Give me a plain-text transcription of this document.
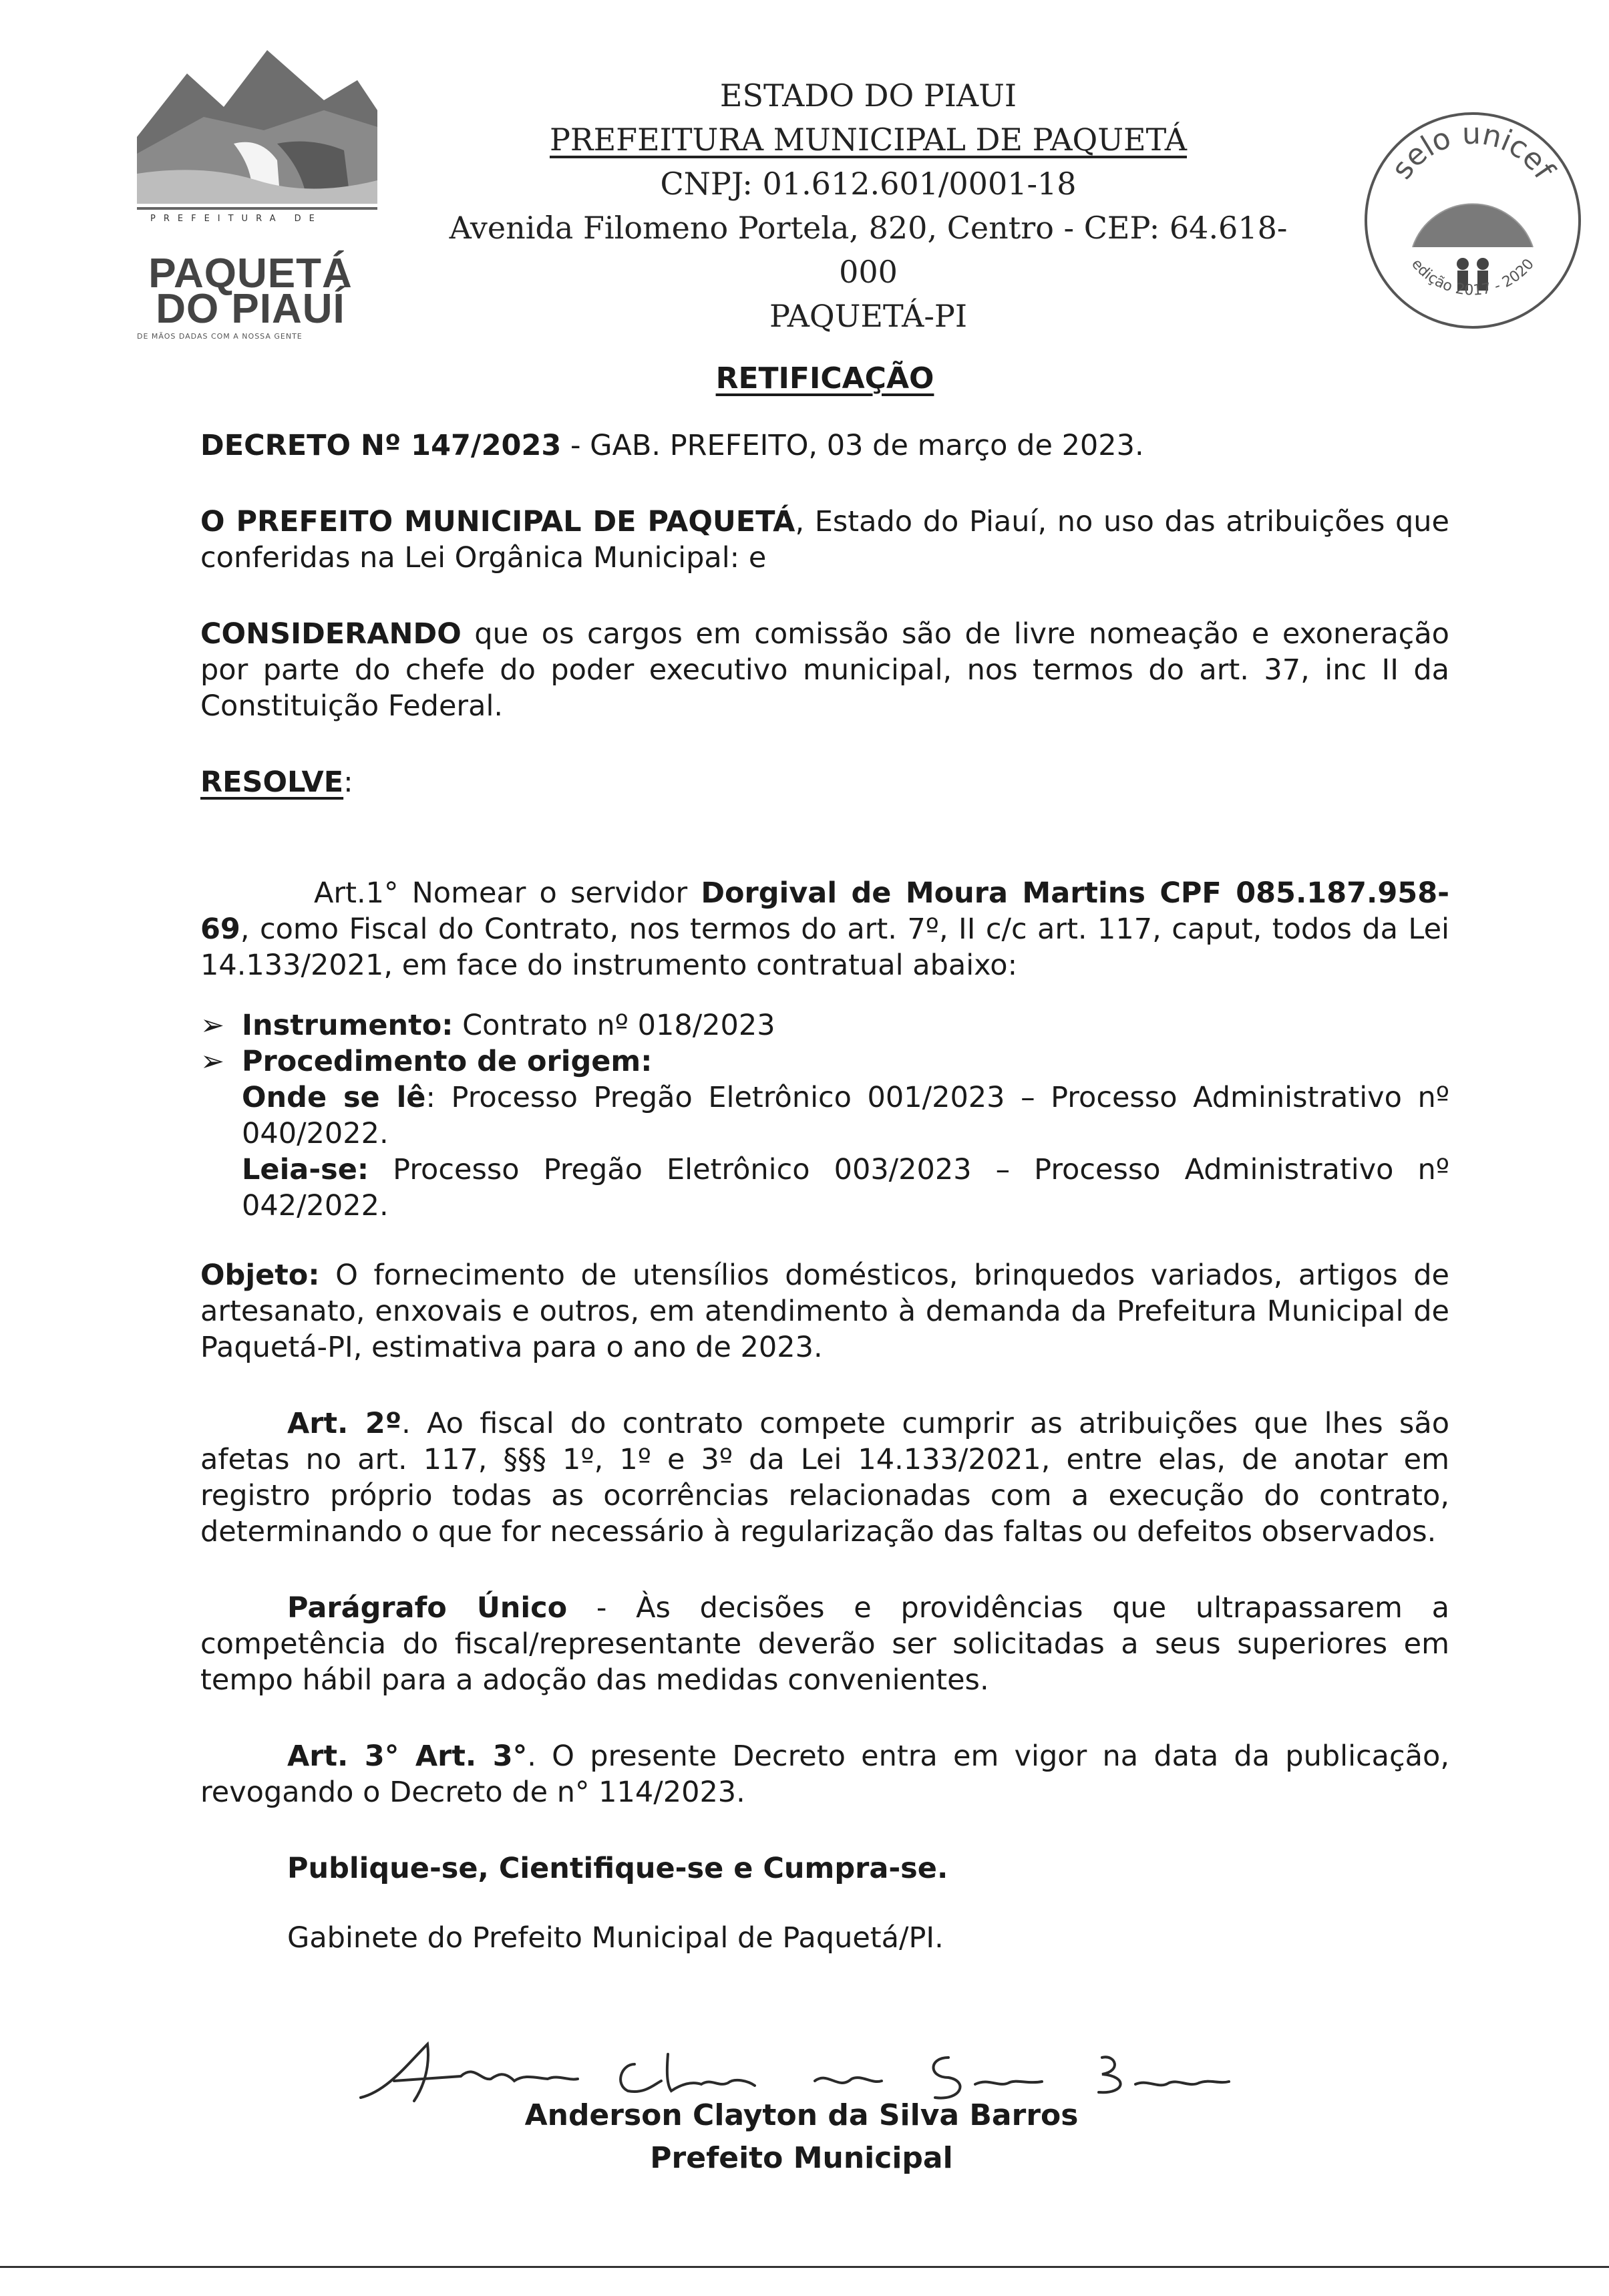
PREFEITURA DE
PAQUETÁ
DO PIAUÍ
DE MÃOS DADAS COM A NOSSA GENTE
ESTADO DO PIAUI
PREFEITURA MUNICIPAL DE PAQUETÁ
CNPJ: 01.612.601/0001-18
Avenida Filomeno Portela, 820, Centro - CEP: 64.618-000
PAQUETÁ-PI
selo unicef
edição 2017 - 2020
RETIFICAÇÃO

DECRETO Nº 147/2023 - GAB. PREFEITO, 03 de março de 2023.

O PREFEITO MUNICIPAL DE PAQUETÁ, Estado do Piauí, no uso das atribuições que conferidas na Lei Orgânica Municipal: e

CONSIDERANDO que os cargos em comissão são de livre nomeação e exoneração por parte do chefe do poder executivo municipal, nos termos do art. 37, inc II da Constituição Federal.

RESOLVE:

Art.1° Nomear o servidor Dorgival de Moura Martins CPF 085.187.958-69, como Fiscal do Contrato, nos termos do art. 7º, II c/c art. 117, caput, todos da Lei 14.133/2021, em face do instrumento contratual abaixo:

➢ Instrumento: Contrato nº 018/2023
➢ Procedimento de origem:
Onde se lê: Processo Pregão Eletrônico 001/2023 – Processo Administrativo nº 040/2022.
Leia-se: Processo Pregão Eletrônico 003/2023 – Processo Administrativo nº 042/2022.

Objeto: O fornecimento de utensílios domésticos, brinquedos variados, artigos de artesanato, enxovais e outros, em atendimento à demanda da Prefeitura Municipal de Paquetá-PI, estimativa para o ano de 2023.

Art. 2º. Ao fiscal do contrato compete cumprir as atribuições que lhes são afetas no art. 117, §§§ 1º, 1º e 3º da Lei 14.133/2021, entre elas, de anotar em registro próprio todas as ocorrências relacionadas com a execução do contrato, determinando o que for necessário à regularização das faltas ou defeitos observados.

Parágrafo Único - Às decisões e providências que ultrapassarem a competência do fiscal/representante deverão ser solicitadas a seus superiores em tempo hábil para a adoção das medidas convenientes.

Art. 3° Art. 3°. O presente Decreto entra em vigor na data da publicação, revogando o Decreto de n° 114/2023.

Publique-se, Cientifique-se e Cumpra-se.

Gabinete do Prefeito Municipal de Paquetá/PI.

Anderson Clayton da Silva Barros
Prefeito Municipal
